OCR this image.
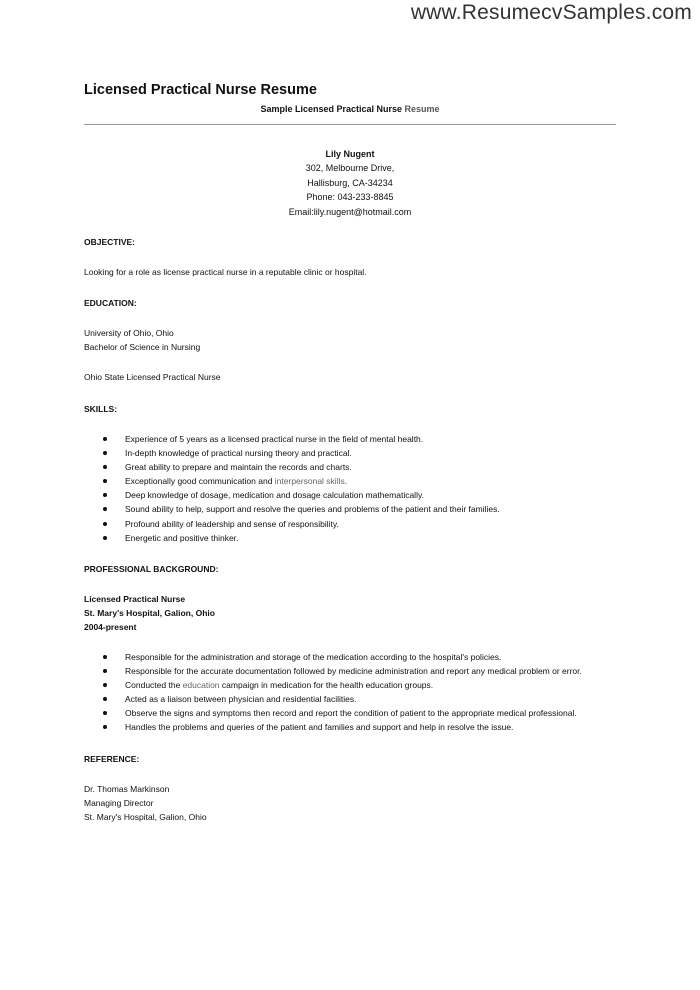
www.ResumecvSamples.com
Licensed Practical Nurse Resume
Sample Licensed Practical Nurse Resume
Lily Nugent
302, Melbourne Drive,
Hallisburg, CA-34234
Phone: 043-233-8845
Email:lily.nugent@hotmail.com
OBJECTIVE:
Looking for a role as license practical nurse in a reputable clinic or hospital.
EDUCATION:
University of Ohio, Ohio
Bachelor of Science in Nursing
Ohio State Licensed Practical Nurse
SKILLS:
Experience of 5 years as a licensed practical nurse in the field of mental health.
In-depth knowledge of practical nursing theory and practical.
Great ability to prepare and maintain the records and charts.
Exceptionally good communication and interpersonal skills.
Deep knowledge of dosage, medication and dosage calculation mathematically.
Sound ability to help, support and resolve the queries and problems of the patient and their families.
Profound ability of leadership and sense of responsibility.
Energetic and positive thinker.
PROFESSIONAL BACKGROUND:
Licensed Practical Nurse
St. Mary's Hospital, Galion, Ohio
2004-present
Responsible for the administration and storage of the medication according to the hospital's policies.
Responsible for the accurate documentation followed by medicine administration and report any medical problem or error.
Conducted the education campaign in medication for the health education groups.
Acted as a liaison between physician and residential facilities.
Observe the signs and symptoms then record and report the condition of patient to the appropriate medical professional.
Handles the problems and queries of the patient and families and support and help in resolve the issue.
REFERENCE:
Dr. Thomas Markinson
Managing Director
St. Mary's Hospital, Galion, Ohio
